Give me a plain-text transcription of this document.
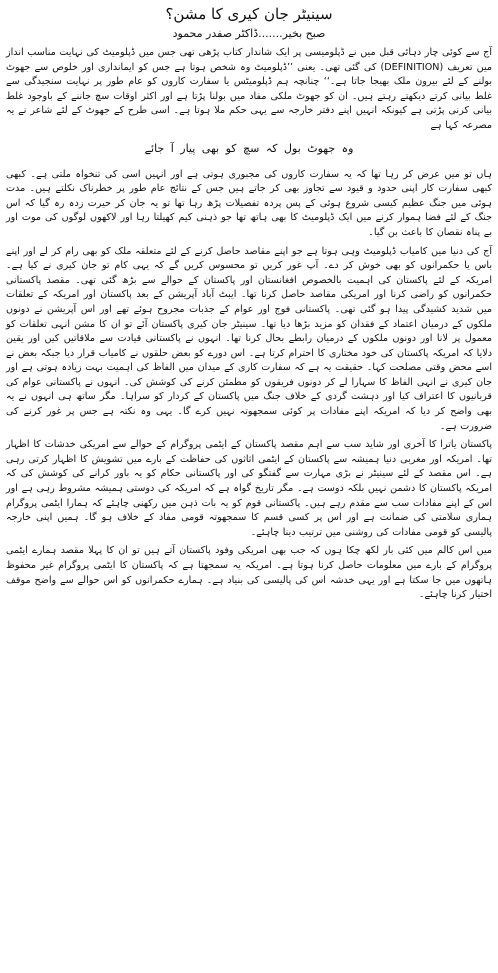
سینیٹر جان کیری کا مشن؟
صبح بخیر.......ڈاکٹر صفدر محمود

آج سے کوئی چار دہائی قبل میں نے ڈپلومیسی پر ایک شاندار کتاب پڑھی تھی جس میں ڈپلومیٹ کی نہایت مناسب انداز میں تعریف (DEFINITION) کی گئی تھی۔ یعنی ’’ڈپلومیٹ وہ شخص ہوتا ہے جس کو ایمانداری اور خلوص سے جھوٹ بولنے کے لئے بیرون ملک بھیجا جاتا ہے۔‘‘ چنانچہ ہم ڈپلومیٹس یا سفارت کاروں کو عام طور پر نہایت سنجیدگی سے غلط بیانی کرتے دیکھتے رہتے ہیں۔ ان کو جھوٹ ملکی مفاد میں بولنا پڑتا ہے اور اکثر اوقات سچ جاننے کے باوجود غلط بیانی کرنی پڑتی ہے کیونکہ انہیں اپنے دفتر خارجہ سے یہی حکم ملا ہوتا ہے۔ اسی طرح کے جھوٹ کے لئے شاعر نے یہ مصرعہ کہا ہے

وہ جھوٹ بول کہ سچ کو بھی پیار آ جائے

ہاں تو میں عرض کر رہا تھا کہ یہ سفارت کاروں کی مجبوری ہوتی ہے اور انہیں اسی کی تنخواہ ملتی ہے۔ کبھی کبھی سفارت کار اپنی حدود و قیود سے تجاوز بھی کر جاتے ہیں جس کے نتائج عام طور پر خطرناک نکلتے ہیں۔ مدت ہوئی میں جنگ عظیم کیسی شروع ہوئی کے پس پردہ تفصیلات پڑھ رہا تھا تو یہ جان کر حیرت زدہ رہ گیا کہ اس جنگ کے لئے فضا ہموار کرنے میں ایک ڈپلومیٹ کا بھی ہاتھ تھا جو ذہنی کیم کھیلتا رہا اور لاکھوں لوگوں کی موت اور بے پناہ نقصان کا باعث بن گیا۔

آج کی دنیا میں کامیاب ڈپلومیٹ وہی ہوتا ہے جو اپنے مقاصد حاصل کرنے کے لئے متعلقہ ملک کو بھی رام کر لے اور اپنے باس یا حکمرانوں کو بھی خوش کر دے۔ آپ غور کریں تو محسوس کریں گے کہ یہی کام تو جان کیری نے کیا ہے۔ امریکہ کے لئے پاکستان کی اہمیت بالخصوص افغانستان اور پاکستان کے حوالے سے بڑھ گئی تھی۔ مقصد پاکستانی حکمرانوں کو راضی کرنا اور امریکی مقاصد حاصل کرنا تھا۔ ایبٹ آباد آپریشن کے بعد پاکستان اور امریکہ کے تعلقات میں شدید کشیدگی پیدا ہو گئی تھی۔ پاکستانی فوج اور عوام کے جذبات مجروح ہوئے تھے اور اس آپریشن نے دونوں ملکوں کے درمیان اعتماد کے فقدان کو مزید بڑھا دیا تھا۔ سینیٹر جان کیری پاکستان آئے تو ان کا مشن انہی تعلقات کو معمول پر لانا اور دونوں ملکوں کے درمیان رابطے بحال کرنا تھا۔ انہوں نے پاکستانی قیادت سے ملاقاتیں کیں اور یقین دلایا کہ امریکہ پاکستان کی خود مختاری کا احترام کرتا ہے۔ اس دورے کو بعض حلقوں نے کامیاب قرار دیا جبکہ بعض نے اسے محض وقتی مصلحت کہا۔ حقیقت یہ ہے کہ سفارت کاری کے میدان میں الفاظ کی اہمیت بہت زیادہ ہوتی ہے اور جان کیری نے انہی الفاظ کا سہارا لے کر دونوں فریقوں کو مطمئن کرنے کی کوشش کی۔ انہوں نے پاکستانی عوام کی قربانیوں کا اعتراف کیا اور دہشت گردی کے خلاف جنگ میں پاکستان کے کردار کو سراہا۔ مگر ساتھ ہی انہوں نے یہ بھی واضح کر دیا کہ امریکہ اپنے مفادات پر کوئی سمجھوتہ نہیں کرے گا۔ یہی وہ نکتہ ہے جس پر غور کرنے کی ضرورت ہے۔

پاکستان یاترا کا آخری اور شاید سب سے اہم مقصد پاکستان کے ایٹمی پروگرام کے حوالے سے امریکی خدشات کا اظہار تھا۔ امریکہ اور مغربی دنیا ہمیشہ سے پاکستان کے ایٹمی اثاثوں کی حفاظت کے بارے میں تشویش کا اظہار کرتی رہی ہے۔ اس مقصد کے لئے سینیٹر نے بڑی مہارت سے گفتگو کی اور پاکستانی حکام کو یہ باور کرانے کی کوشش کی کہ امریکہ پاکستان کا دشمن نہیں بلکہ دوست ہے۔ مگر تاریخ گواہ ہے کہ امریکہ کی دوستی ہمیشہ مشروط رہی ہے اور اس کے اپنے مفادات سب سے مقدم رہے ہیں۔ پاکستانی قوم کو یہ بات ذہن میں رکھنی چاہئے کہ ہمارا ایٹمی پروگرام ہماری سلامتی کی ضمانت ہے اور اس پر کسی قسم کا سمجھوتہ قومی مفاد کے خلاف ہو گا۔ ہمیں اپنی خارجہ پالیسی کو قومی مفادات کی روشنی میں ترتیب دینا چاہئے۔

میں اس کالم میں کئی بار لکھ چکا ہوں کہ جب بھی امریکی وفود پاکستان آتے ہیں تو ان کا پہلا مقصد ہمارے ایٹمی پروگرام کے بارے میں معلومات حاصل کرنا ہوتا ہے۔ امریکہ یہ سمجھتا ہے کہ پاکستان کا ایٹمی پروگرام غیر محفوظ ہاتھوں میں جا سکتا ہے اور یہی خدشہ اس کی پالیسی کی بنیاد ہے۔ ہمارے حکمرانوں کو اس حوالے سے واضح موقف اختیار کرنا چاہئے۔
